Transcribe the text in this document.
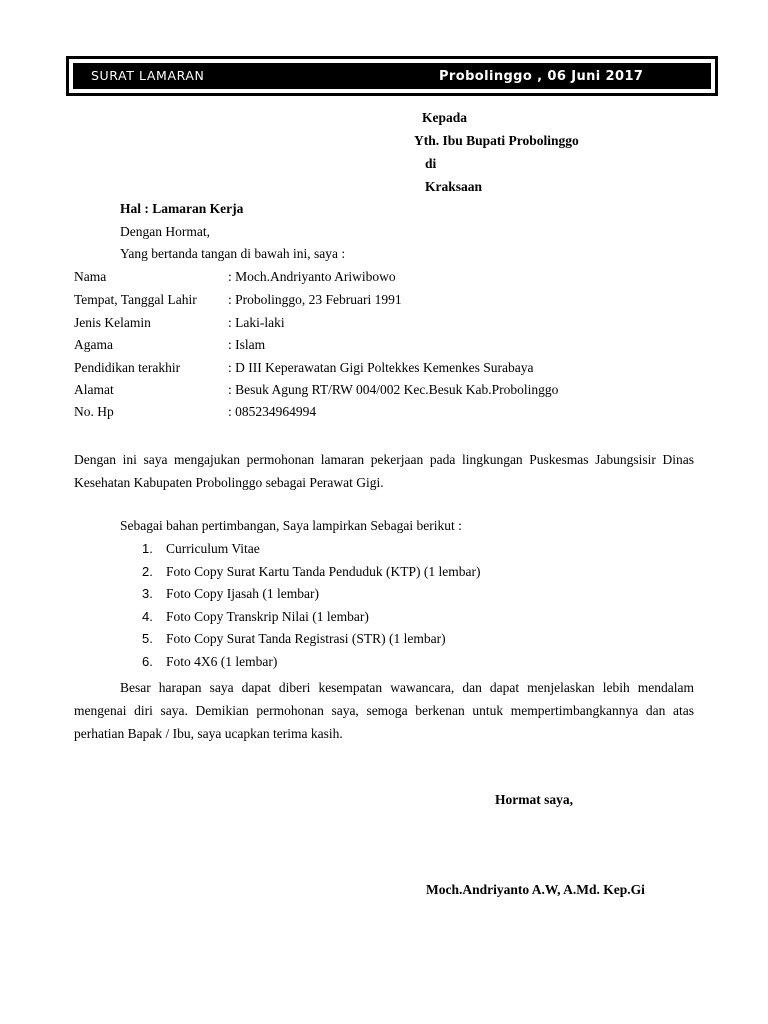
SURAT LAMARAN	Probolinggo , 06 Juni 2017
Kepada
Yth. Ibu Bupati Probolinggo
di
Kraksaan
Hal : Lamaran Kerja
Dengan Hormat,
Yang bertanda tangan di bawah ini, saya :
Nama	: Moch.Andriyanto Ariwibowo
Tempat, Tanggal Lahir : Probolinggo, 23 Februari 1991
Jenis Kelamin	: Laki-laki
Agama	: Islam
Pendidikan terakhir	: D III Keperawatan Gigi Poltekkes Kemenkes Surabaya
Alamat	: Besuk Agung RT/RW 004/002 Kec.Besuk Kab.Probolinggo
No. Hp	: 085234964994
Dengan ini saya mengajukan permohonan lamaran pekerjaan pada lingkungan Puskesmas Jabungsisir Dinas Kesehatan Kabupaten Probolinggo sebagai Perawat Gigi.
Sebagai bahan pertimbangan, Saya lampirkan Sebagai berikut :
1. Curriculum Vitae
2. Foto Copy Surat Kartu Tanda Penduduk (KTP) (1 lembar)
3. Foto Copy Ijasah (1 lembar)
4. Foto Copy Transkrip Nilai (1 lembar)
5. Foto Copy Surat Tanda Registrasi (STR) (1 lembar)
6. Foto 4X6 (1 lembar)
Besar harapan saya dapat diberi kesempatan wawancara, dan dapat menjelaskan lebih mendalam mengenai diri saya. Demikian permohonan saya, semoga berkenan untuk mempertimbangkannya dan atas perhatian Bapak / Ibu, saya ucapkan terima kasih.
Hormat saya,
Moch.Andriyanto A.W, A.Md. Kep.Gi
